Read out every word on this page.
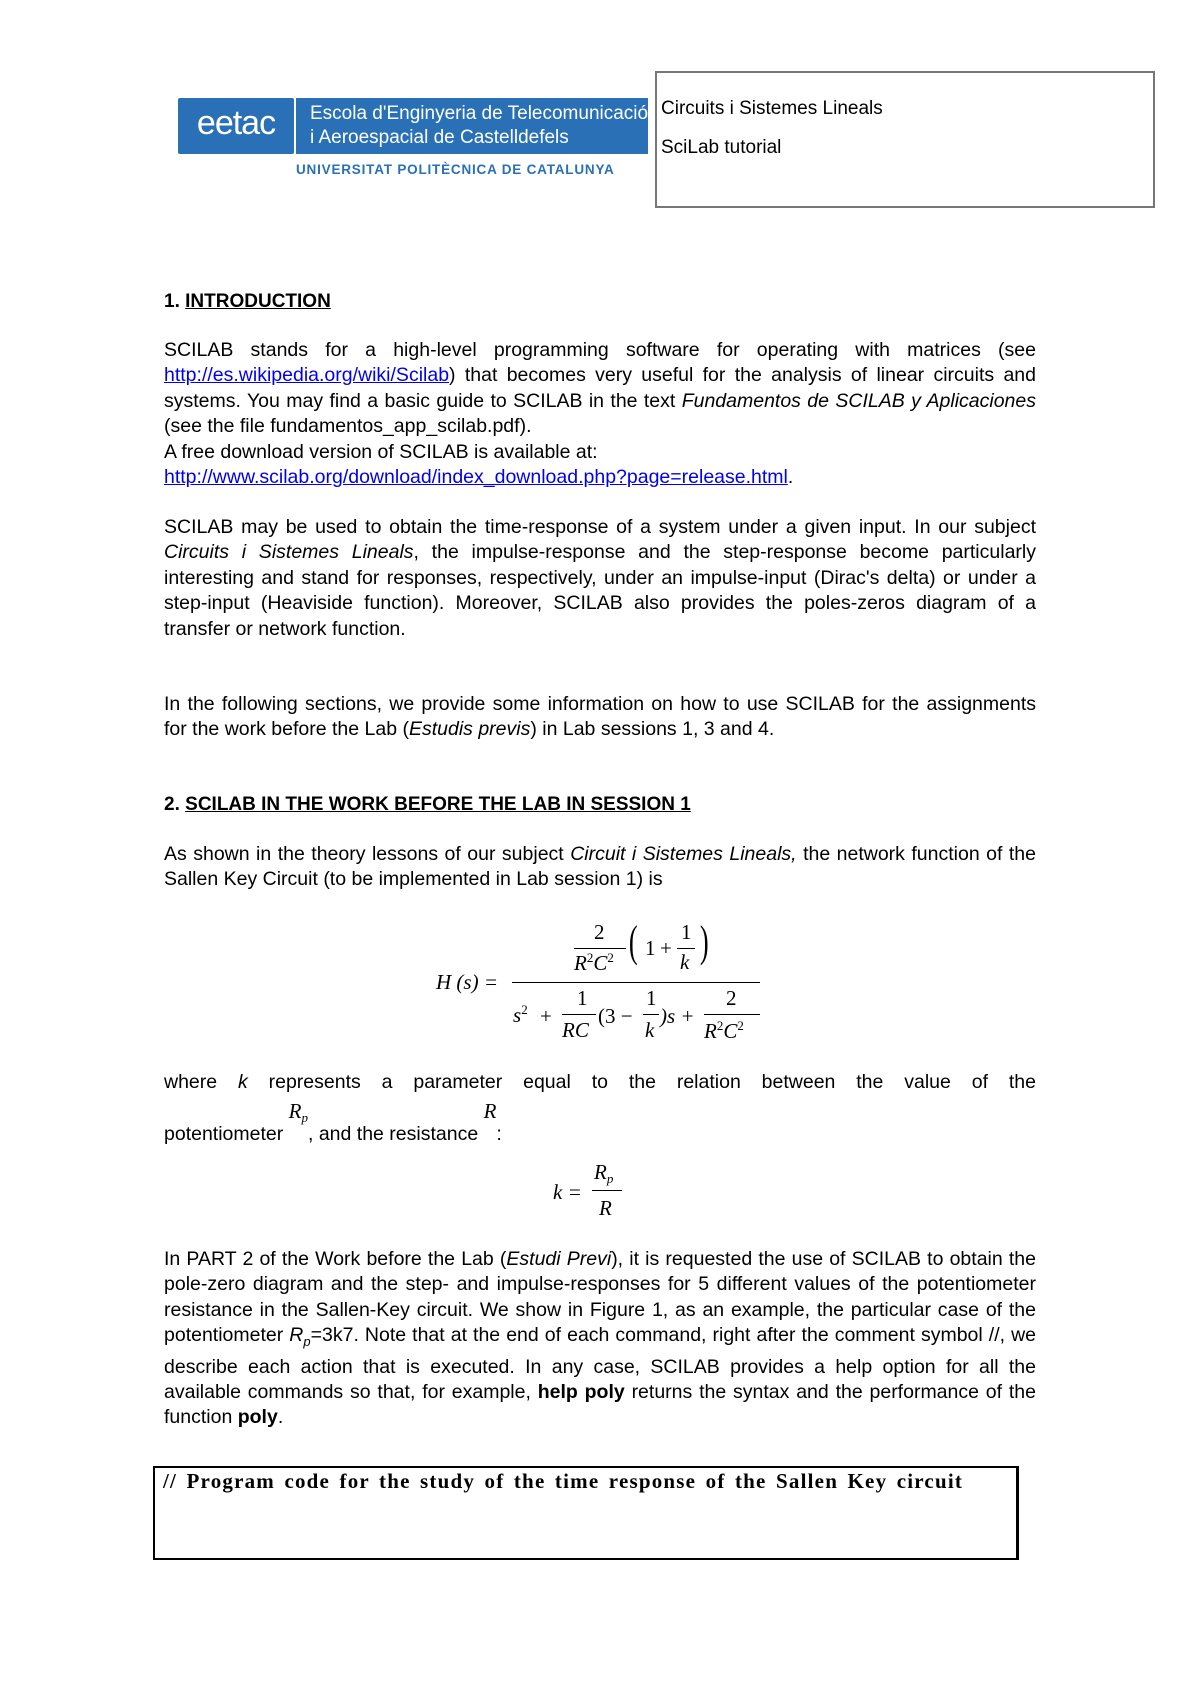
eetac	Escola d'Enginyeria de Telecomunicació
i Aeroespacial de Castelldefels
UNIVERSITAT POLITÈCNICA DE CATALUNYA
Circuits i Sistemes Lineals
SciLab tutorial
1. INTRODUCTION
SCILAB stands for a high-level programming software for operating with matrices (see http://es.wikipedia.org/wiki/Scilab) that becomes very useful for the analysis of linear circuits and systems. You may find a basic guide to SCILAB in the text Fundamentos de SCILAB y Aplicaciones (see the file fundamentos_app_scilab.pdf).
A free download version of SCILAB is available at:
http://www.scilab.org/download/index_download.php?page=release.html.
SCILAB may be used to obtain the time-response of a system under a given input. In our subject Circuits i Sistemes Lineals, the impulse-response and the step-response become particularly interesting and stand for responses, respectively, under an impulse-input (Dirac's delta) or under a step-input (Heaviside function). Moreover, SCILAB also provides the poles-zeros diagram of a transfer or network function.
In the following sections, we provide some information on how to use SCILAB for the assignments for the work before the Lab (Estudis previs) in Lab sessions 1, 3 and 4.
2. SCILAB IN THE WORK BEFORE THE LAB IN SESSION 1
As shown in the theory lessons of our subject Circuit i Sistemes Lineals, the network function of the Sallen Key Circuit (to be implemented in Lab session 1) is
H (s) =
2
$R^2C^2$ ( 1 +
1
k )
$s^2$ +
1
RC
(3 −
1
k
)s +
2
$R^2C^2$
where k represents a parameter equal to the relation between the value of the
potentiometer $R_p$, and the resistance R:
k =
$R_p$
R
In PART 2 of the Work before the Lab (Estudi Previ), it is requested the use of SCILAB to obtain the pole-zero diagram and the step- and impulse-responses for 5 different values of the potentiometer resistance in the Sallen-Key circuit. We show in Figure 1, as an example, the particular case of the potentiometer $R_p=3k7$. Note that at the end of each command, right after the comment symbol //, we describe each action that is executed. In any case, SCILAB provides a help option for all the available commands so that, for example, help poly returns the syntax and the performance of the function poly.
// Program code for the study of the time response of the Sallen Key circuit
